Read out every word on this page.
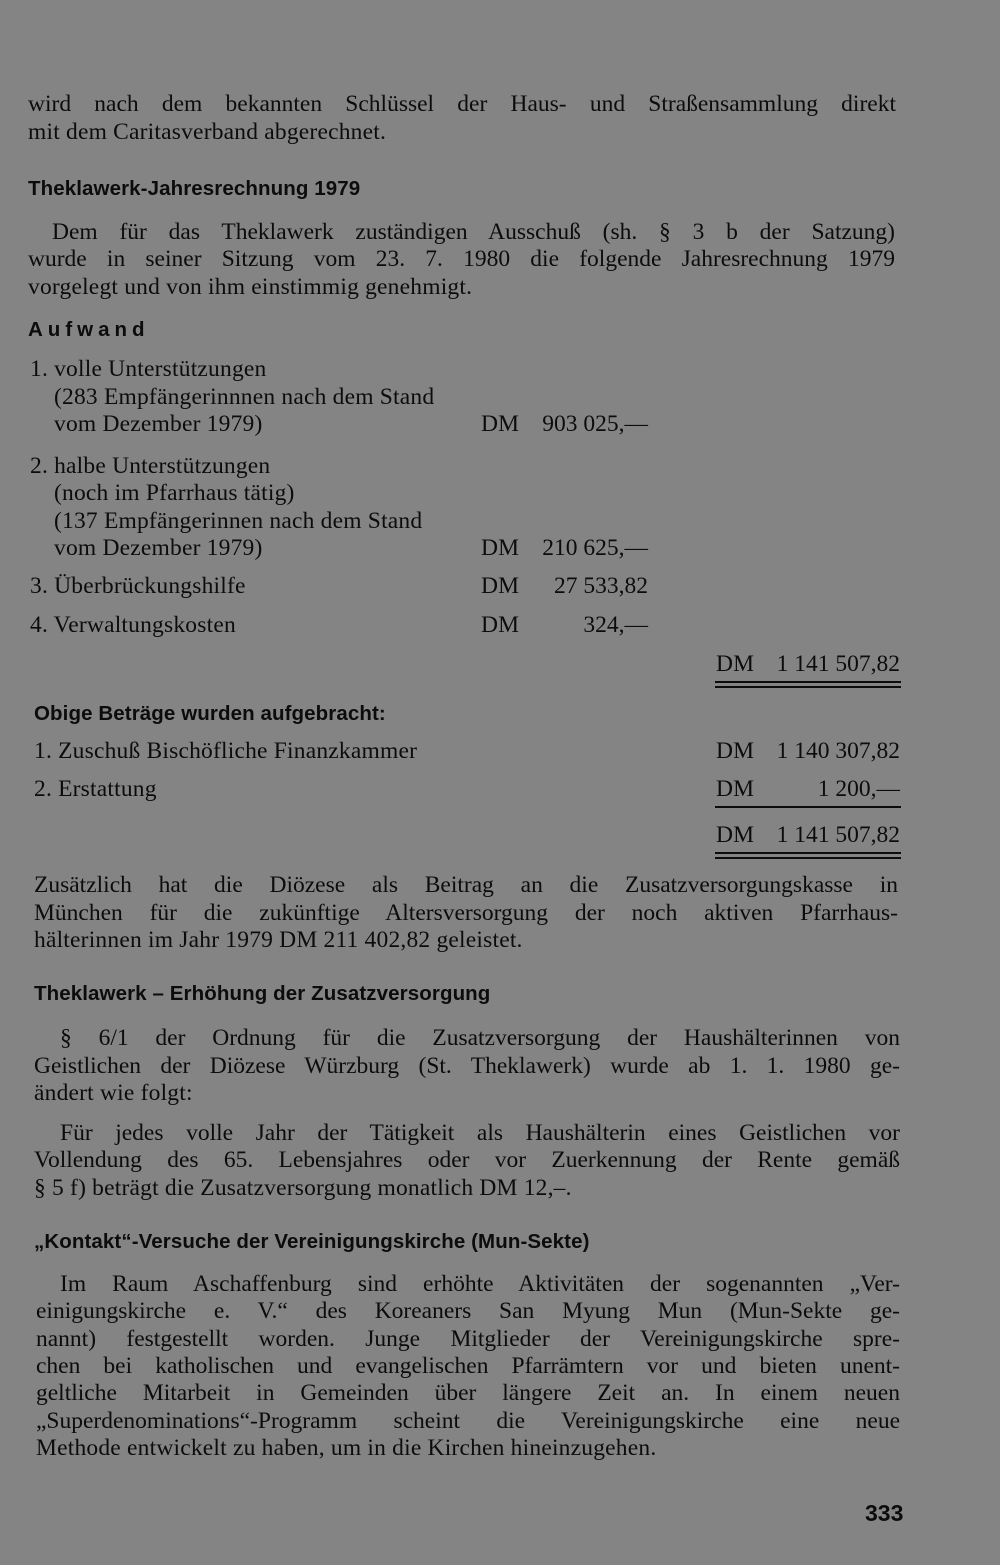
wird nach dem bekannten Schlüssel der Haus- und Straßensammlung direkt
mit dem Caritasverband abgerechnet.
Theklawerk-Jahresrechnung 1979
Dem für das Theklawerk zuständigen Ausschuß (sh. § 3 b der Satzung)
wurde in seiner Sitzung vom 23. 7. 1980 die folgende Jahresrechnung 1979
vorgelegt und von ihm einstimmig genehmigt.
Aufwand
1. volle Unterstützungen
(283 Empfängerinnnen nach dem Stand
vom Dezember 1979)	DM 903 025,—
2. halbe Unterstützungen
(noch im Pfarrhaus tätig)
(137 Empfängerinnen nach dem Stand
vom Dezember 1979)	DM 210 625,—
3. Überbrückungshilfe	DM	27 533,82
4. Verwaltungskosten	DM	324,—
DM 1 141 507,82
Obige Beträge wurden aufgebracht:
1. Zuschuß Bischöfliche Finanzkammer	DM 1 140 307,82
2. Erstattung	DM	1 200,—
DM 1 141 507,82
Zusätzlich hat die Diözese als Beitrag an die Zusatzversorgungskasse in
München für die zukünftige Altersversorgung der noch aktiven Pfarrhaus-
hälterinnen im Jahr 1979 DM 211 402,82 geleistet.
Theklawerk – Erhöhung der Zusatzversorgung
§ 6/1 der Ordnung für die Zusatzversorgung der Haushälterinnen von
Geistlichen der Diözese Würzburg (St. Theklawerk) wurde ab 1. 1. 1980 ge-
ändert wie folgt:
Für jedes volle Jahr der Tätigkeit als Haushälterin eines Geistlichen vor
Vollendung des 65. Lebensjahres oder vor Zuerkennung der Rente gemäß
§ 5 f) beträgt die Zusatzversorgung monatlich DM 12,–.
„Kontakt“-Versuche der Vereinigungskirche (Mun-Sekte)
Im Raum Aschaffenburg sind erhöhte Aktivitäten der sogenannten „Ver-
einigungskirche e. V.“ des Koreaners San Myung Mun (Mun-Sekte ge-
nannt) festgestellt worden. Junge Mitglieder der Vereinigungskirche spre-
chen bei katholischen und evangelischen Pfarrämtern vor und bieten unent-
geltliche Mitarbeit in Gemeinden über längere Zeit an. In einem neuen
„Superdenominations“-Programm scheint die Vereinigungskirche eine neue
Methode entwickelt zu haben, um in die Kirchen hineinzugehen.
333
